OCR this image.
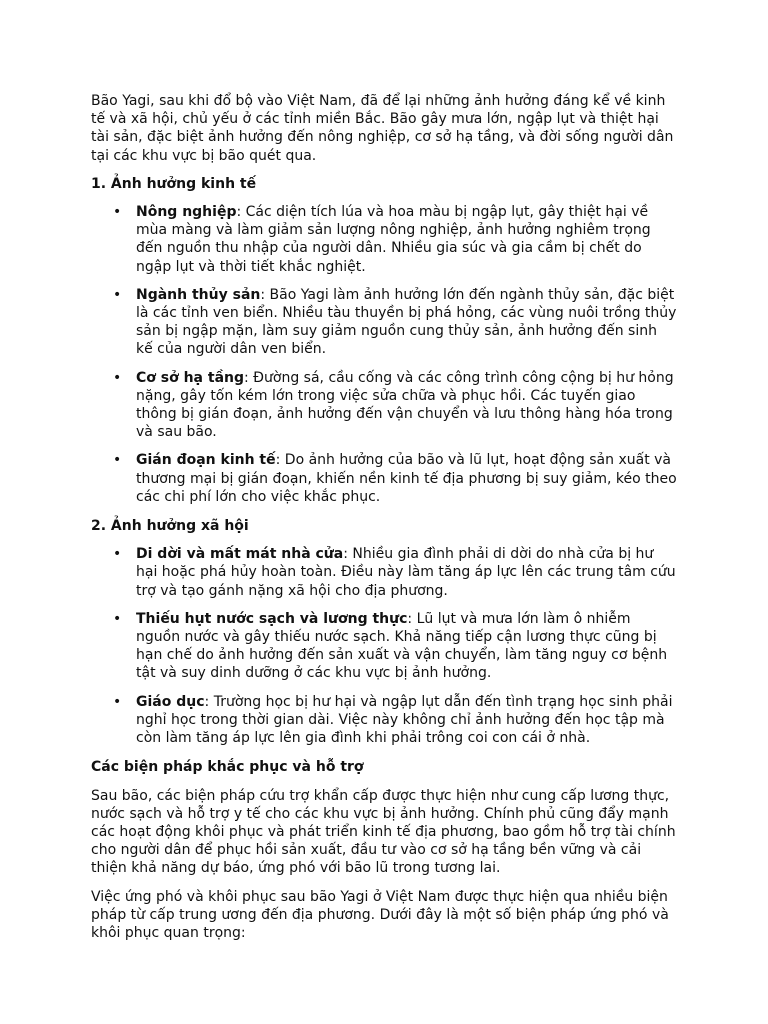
Bão Yagi, sau khi đổ bộ vào Việt Nam, đã để lại những ảnh hưởng đáng kể về kinh tế và xã hội, chủ yếu ở các tỉnh miền Bắc. Bão gây mưa lớn, ngập lụt và thiệt hại tài sản, đặc biệt ảnh hưởng đến nông nghiệp, cơ sở hạ tầng, và đời sống người dân tại các khu vực bị bão quét qua.

1. Ảnh hưởng kinh tế
• Nông nghiệp: Các diện tích lúa và hoa màu bị ngập lụt, gây thiệt hại về mùa màng và làm giảm sản lượng nông nghiệp, ảnh hưởng nghiêm trọng đến nguồn thu nhập của người dân. Nhiều gia súc và gia cầm bị chết do ngập lụt và thời tiết khắc nghiệt.
• Ngành thủy sản: Bão Yagi làm ảnh hưởng lớn đến ngành thủy sản, đặc biệt là các tỉnh ven biển. Nhiều tàu thuyền bị phá hỏng, các vùng nuôi trồng thủy sản bị ngập mặn, làm suy giảm nguồn cung thủy sản, ảnh hưởng đến sinh kế của người dân ven biển.
• Cơ sở hạ tầng: Đường sá, cầu cống và các công trình công cộng bị hư hỏng nặng, gây tốn kém lớn trong việc sửa chữa và phục hồi. Các tuyến giao thông bị gián đoạn, ảnh hưởng đến vận chuyển và lưu thông hàng hóa trong và sau bão.
• Gián đoạn kinh tế: Do ảnh hưởng của bão và lũ lụt, hoạt động sản xuất và thương mại bị gián đoạn, khiến nền kinh tế địa phương bị suy giảm, kéo theo các chi phí lớn cho việc khắc phục.
2. Ảnh hưởng xã hội
• Di dời và mất mát nhà cửa: Nhiều gia đình phải di dời do nhà cửa bị hư hại hoặc phá hủy hoàn toàn. Điều này làm tăng áp lực lên các trung tâm cứu trợ và tạo gánh nặng xã hội cho địa phương.
• Thiếu hụt nước sạch và lương thực: Lũ lụt và mưa lớn làm ô nhiễm nguồn nước và gây thiếu nước sạch. Khả năng tiếp cận lương thực cũng bị hạn chế do ảnh hưởng đến sản xuất và vận chuyển, làm tăng nguy cơ bệnh tật và suy dinh dưỡng ở các khu vực bị ảnh hưởng.
• Giáo dục: Trường học bị hư hại và ngập lụt dẫn đến tình trạng học sinh phải nghỉ học trong thời gian dài. Việc này không chỉ ảnh hưởng đến học tập mà còn làm tăng áp lực lên gia đình khi phải trông coi con cái ở nhà.
Các biện pháp khắc phục và hỗ trợ

Sau bão, các biện pháp cứu trợ khẩn cấp được thực hiện như cung cấp lương thực, nước sạch và hỗ trợ y tế cho các khu vực bị ảnh hưởng. Chính phủ cũng đẩy mạnh các hoạt động khôi phục và phát triển kinh tế địa phương, bao gồm hỗ trợ tài chính cho người dân để phục hồi sản xuất, đầu tư vào cơ sở hạ tầng bền vững và cải thiện khả năng dự báo, ứng phó với bão lũ trong tương lai.

Việc ứng phó và khôi phục sau bão Yagi ở Việt Nam được thực hiện qua nhiều biện pháp từ cấp trung ương đến địa phương. Dưới đây là một số biện pháp ứng phó và khôi phục quan trọng:
